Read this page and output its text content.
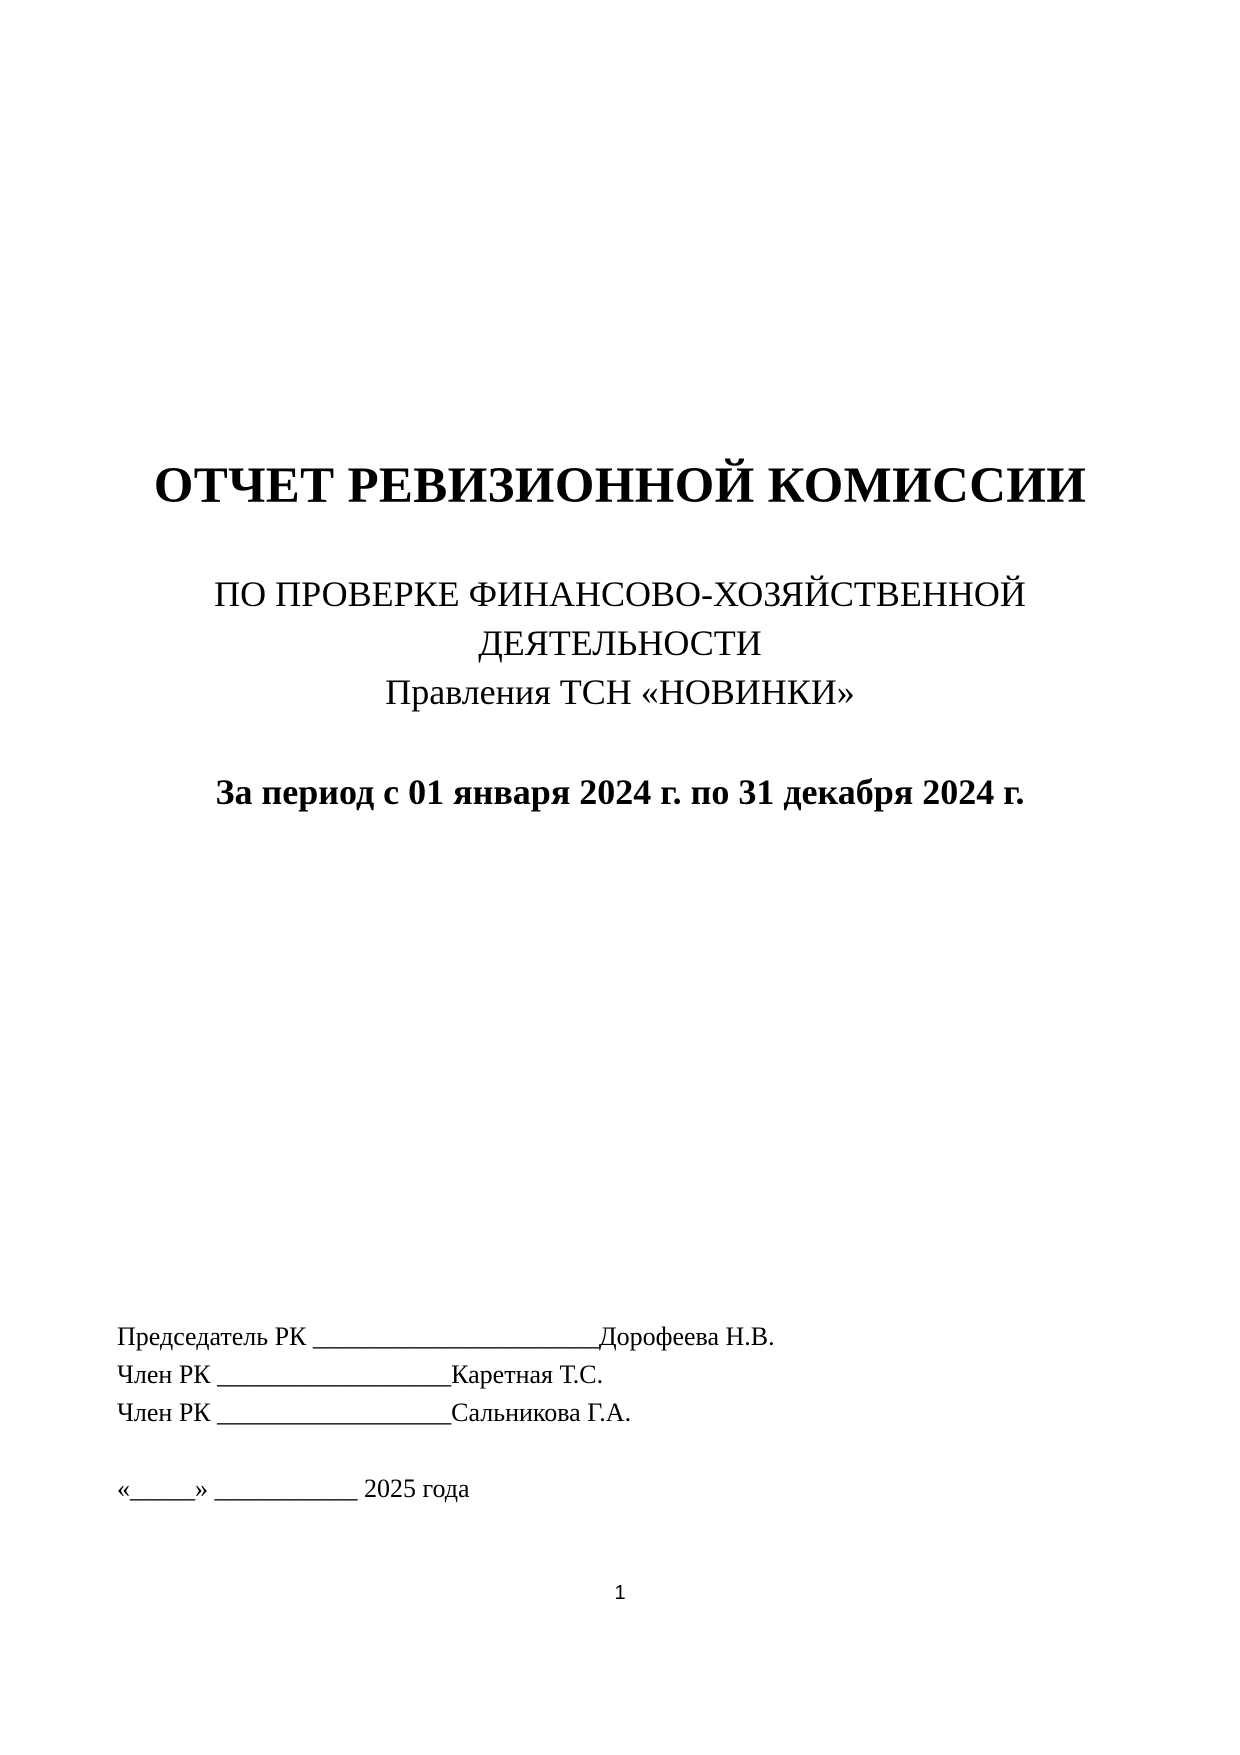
ОТЧЕТ РЕВИЗИОННОЙ КОМИССИИ
ПО ПРОВЕРКЕ ФИНАНСОВО-ХОЗЯЙСТВЕННОЙ
ДЕЯТЕЛЬНОСТИ
Правления ТСН «НОВИНКИ»
За период с 01 января 2024 г. по 31 декабря 2024 г.
Председатель РК ______________________Дорофеева Н.В.
Член РК __________________Каретная Т.С.
Член РК __________________Сальникова Г.А.
«_____» ___________ 2025 года
1
